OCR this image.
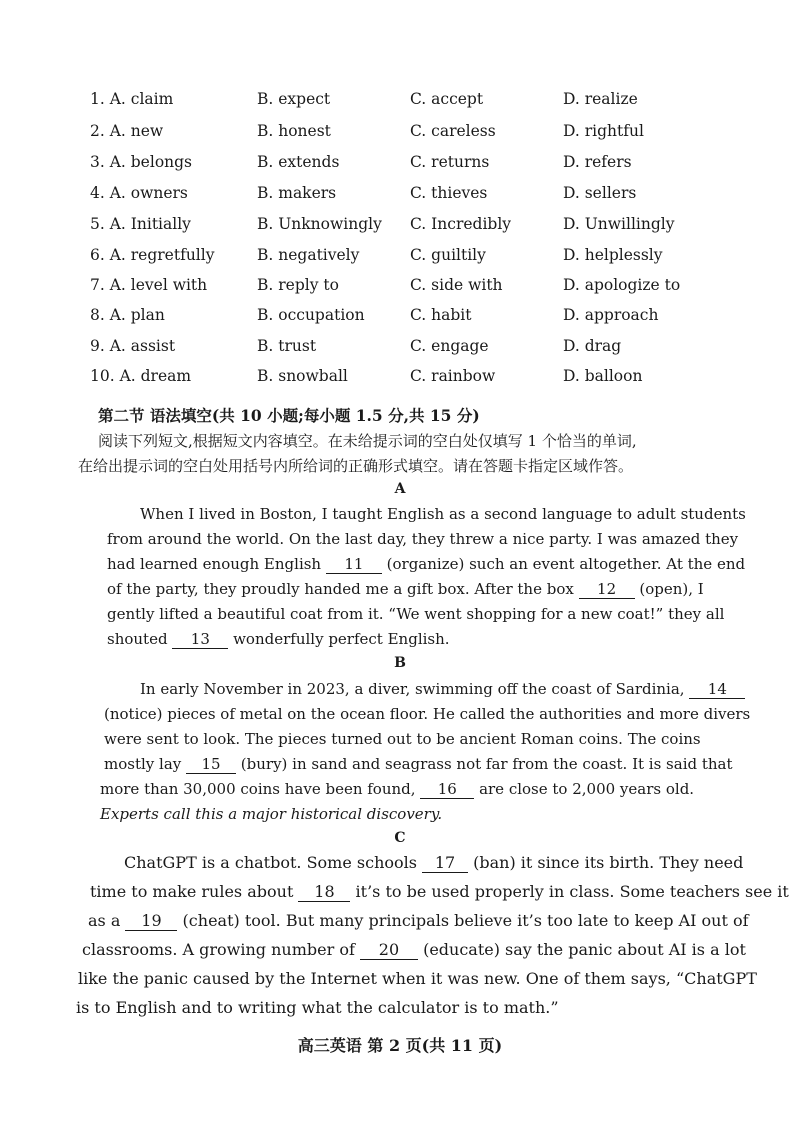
1. A. claim	B. expect	C. accept	D. realize
2. A. new	B. honest	C. careless	D. rightful
3. A. belongs	B. extends	C. returns	D. refers
4. A. owners	B. makers	C. thieves	D. sellers
5. A. Initially	B. Unknowingly C. Incredibly	D. Unwillingly
6. A. regretfully	B. negatively	C. guiltily	D. helplessly
7. A. level with	B. reply to	C. side with	D. apologize to
8. A. plan	B. occupation	C. habit	D. approach
9. A. assist	B. trust	C. engage	D. drag
10. A. dream	B. snowball	C. rainbow	D. balloon
第二节 语法填空(共 10 小题;每小题 1.5 分,共 15 分)
阅读下列短文,根据短文内容填空。在未给提示词的空白处仅填写 1 个恰当的单词,
在给出提示词的空白处用括号内所给词的正确形式填空。请在答题卡指定区域作答。
A
When I lived in Boston, I taught English as a second language to adult students
from around the world. On the last day, they threw a nice party. I was amazed they
had learned enough English 11 (organize) such an event altogether. At the end
of the party, they proudly handed me a gift box. After the box 12 (open), I
gently lifted a beautiful coat from it. “We went shopping for a new coat!” they all
shouted 13 wonderfully perfect English.
B
In early November in 2023, a diver, swimming off the coast of Sardinia, 14
(notice) pieces of metal on the ocean floor. He called the authorities and more divers
were sent to look. The pieces turned out to be ancient Roman coins. The coins
mostly lay 15 (bury) in sand and seagrass not far from the coast. It is said that
more than 30,000 coins have been found, 16 are close to 2,000 years old.
Experts call this a major historical discovery.
C
ChatGPT is a chatbot. Some schools 17 (ban) it since its birth. They need
time to make rules about 18 it’s to be used properly in class. Some teachers see it
as a 19 (cheat) tool. But many principals believe it’s too late to keep AI out of
classrooms. A growing number of 20 (educate) say the panic about AI is a lot
like the panic caused by the Internet when it was new. One of them says, “ChatGPT
is to English and to writing what the calculator is to math.”
高三英语 第 2 页(共 11 页)
